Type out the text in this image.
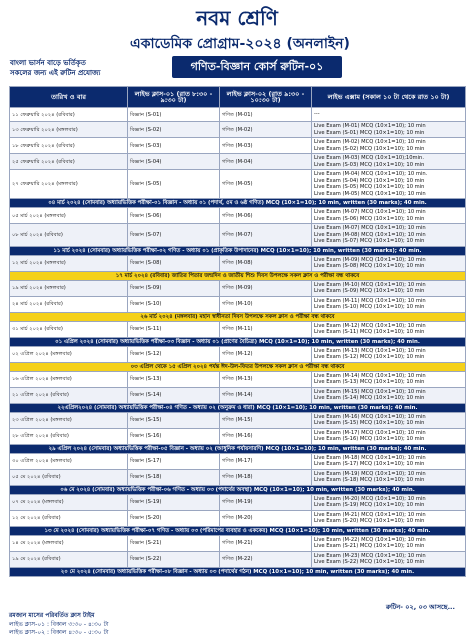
নবম শ্রেণি
একাডেমিক প্রোগ্রাম-২০২৪ (অনলাইন)
বাংলা ভার্সন বাড়ে ভর্তিকৃত
সকলের জন্য এই রুটিন প্রযোজ্য	গণিত-বিজ্ঞান কোর্স রুটিন-০১
তারিখ ও বার	লাইভ ক্লাস-০১ (রাত ৮:৩০ - ৯:৩০ টা)	লাইভ ক্লাস-০২ (রাত ৯:৩০ - ১০:৩০ টা)	লাইভ এক্সাম (সকাল ১০ টা থেকে রাত ১০ টা)
১১ ফেব্রুয়ারি ২০২৪ (রবিবার)	বিজ্ঞান (S-01)	গণিত (M-01)	---
১৩ ফেব্রুয়ারি ২০২৪ (মঙ্গলবার)	বিজ্ঞান (S-02)	গণিত (M-02)	Live Exam (M-01) MCQ (10×1=10); 10 min
Live Exam (S-01) MCQ (10×1=10); 10 min
১৮ ফেব্রুয়ারি ২০২৪ (রবিবার)	বিজ্ঞান (S-03)	গণিত (M-03)	Live Exam (M-02) MCQ (10×1=10); 10 min
Live Exam (S-02) MCQ (10×1=10); 10 min
২৫ ফেব্রুয়ারি ২০২৪ (রবিবার)	বিজ্ঞান (S-04)	গণিত (M-04)	Live Exam (M-03) MCQ (10×1=10);10min.
Live Exam (S-03) MCQ (10×1=10); 10 min
২৭ ফেব্রুয়ারি ২০২৪ (মঙ্গলবার)	বিজ্ঞান (S-05)	গণিত (M-05)	Live Exam (M-04) MCQ (10×1=10); 10 min.
Live Exam (S-04) MCQ (10×1=10); 10 min
Live Exam (S-05) MCQ (10×1=10); 10 min
Live Exam (M-05) MCQ (10×1=10); 10 min
০৪ মার্চ ২০২৪ (সোমবার) অধ্যায়ভিত্তিক পরীক্ষা-০১ বিজ্ঞান - অধ্যায় ০১ (পদার্থ, ৫ম ও ৬ষ্ঠ গণিত) MCQ (10×1=10); 10 min, written (30 marks); 40 min.			
০৫ মার্চ ২০২৪ (মঙ্গলবার)	বিজ্ঞান (S-06)	গণিত (M-06)	Live Exam (M-07) MCQ (10×1=10); 10 min
Live Exam (S-06) MCQ (10×1=10); 10 min
০৮ মার্চ ২০২৪ (রবিবার)	বিজ্ঞান (S-07)	গণিত (M-07)	Live Exam (M-07) MCQ (10×1=10); 10 min
Live Exam (M-08) MCQ (10×1=10); 10 min
Live Exam (S-07) MCQ (10×1=10); 10 min
১১ মার্চ ২০২৪ (সোমবার) অধ্যায়ভিত্তিক পরীক্ষা-০২ গণিত - অধ্যায় ০১ (প্রাকৃতিক উপাদানের) MCQ (10×1=10); 10 min, written (30 marks); 40 min.			
১২ মার্চ ২০২৪ (মঙ্গলবার)	বিজ্ঞান (S-08)	গণিত (M-08)	Live Exam (M-09) MCQ (10×1=10); 10 min
Live Exam (S-08) MCQ (10×1=10); 10 min
১৭ মার্চ ২০২৪ (রবিবার) জাতির পিতার জন্মদিন ও জাতীয় শিশু দিবস উপলক্ষে সকল ক্লাস ও পরীক্ষা বন্ধ থাকবে			
১৯ মার্চ ২০২৪ (মঙ্গলবার)	বিজ্ঞান (S-09)	গণিত (M-09)	Live Exam (M-10) MCQ (10×1=10); 10 min
Live Exam (S-09) MCQ (10×1=10); 10 min
২৪ মার্চ ২০২৪ (রবিবার)	বিজ্ঞান (S-10)	গণিত (M-10)	Live Exam (M-11) MCQ (10×1=10); 10 min
Live Exam (S-10) MCQ (10×1=10); 10 min
২৬ মার্চ ২০২৪ (মঙ্গলবার) মহান স্বাধীনতা দিবস উপলক্ষে সকল ক্লাস ও পরীক্ষা বন্ধ থাকবে			
৩১ মার্চ ২০২৪ (রবিবার)	বিজ্ঞান (S-11)	গণিত (M-11)	Live Exam (M-12) MCQ (10×1=10); 10 min
Live Exam (S-11) MCQ (10×1=10); 10 min
০১ এপ্রিল ২০২৪ (সোমবার) অধ্যায়ভিত্তিক পরীক্ষা-০৩ বিজ্ঞান - অধ্যায় ০১ (প্রাণের বৈচিত্র্য) MCQ (10×1=10); 10 min, written (30 marks); 40 min.			
০২ এপ্রিল ২০২৪ (মঙ্গলবার)	বিজ্ঞান (S-12)	গণিত (M-12)	Live Exam (M-13) MCQ (10×1=10); 10 min
Live Exam (S-12) MCQ (10×1=10); 10 min
০৩ এপ্রিল থেকে ১৫ এপ্রিল ২০২৪ পর্যন্ত ঈদ-উল-ফিতর উপলক্ষে সকল ক্লাস ও পরীক্ষা বন্ধ থাকবে			
১৬ এপ্রিল ২০২৪ (মঙ্গলবার)	বিজ্ঞান (S-13)	গণিত (M-13)	Live Exam (M-14) MCQ (10×1=10); 10 min
Live Exam (S-13) MCQ (10×1=10); 10 min
২১ এপ্রিল ২০২৪ (রবিবার)	বিজ্ঞান (S-14)	গণিত (M-14)	Live Exam (M-15) MCQ (10×1=10); 10 min
Live Exam (S-14) MCQ (10×1=10); 10 min
২২এপ্রিল২০২৪ (সোমবার) অধ্যায়ভিত্তিক পরীক্ষা-০৪ গণিত - অধ্যায় ০২ (অনুক্রম ও ধারা) MCQ (10×1=10); 10 min, written (30 marks); 40 min.			
২৩ এপ্রিল ২০২৪ (মঙ্গলবার)	বিজ্ঞান (S-15)	গণিত (M-15)	Live Exam (M-16) MCQ (10×1=10); 10 min
Live Exam (S-15) MCQ (10×1=10); 10 min
২৮ এপ্রিল ২০২৪ (রবিবার)	বিজ্ঞান (S-16)	গণিত (M-16)	Live Exam (M-17) MCQ (10×1=10); 10 min
Live Exam (S-16) MCQ (10×1=10); 10 min
২৯ এপ্রিল ২০২৪ (সোমবার) অধ্যায়ভিত্তিক পরীক্ষা-০৫ বিজ্ঞান - অধ্যায় ০২ (আধুনিক পর্যায়সারণি) MCQ (10×1=10); 10 min, written (30 marks); 40 min.			
৩০ এপ্রিল ২০২৪ (মঙ্গলবার)	বিজ্ঞান (S-17)	গণিত (M-17)	Live Exam (M-18) MCQ (10×1=10); 10 min
Live Exam (S-17) MCQ (10×1=10); 10 min
০৫ মে ২০২৪ (রবিবার)	বিজ্ঞান (S-18)	গণিত (M-18)	Live Exam (M-19) MCQ (10×1=10); 10 min
Live Exam (S-18) MCQ (10×1=10); 10 min
০৬ মে ২০২৪ (সোমবার) অধ্যায়ভিত্তিক পরীক্ষা-০৬ গণিত - অধ্যায় ০৩ (পদার্থের অবস্থা) MCQ (10×1=10); 10 min, written (30 marks); 40 min.			
০৭ মে ২০২৪ (মঙ্গলবার)	বিজ্ঞান (S-19)	গণিত (M-19)	Live Exam (M-20) MCQ (10×1=10); 10 min
Live Exam (S-19) MCQ (10×1=10); 10 min
১২ মে ২০২৪ (রবিবার)	বিজ্ঞান (S-20)	গণিত (M-20)	Live Exam (M-21) MCQ (10×1=10); 10 min
Live Exam (S-20) MCQ (10×1=10); 10 min
১৩ মে ২০২৪ (সোমবার) অধ্যায়ভিত্তিক পরীক্ষা-০৭ গণিত - অধ্যায় ০৩ (পরিমাপের ব্যবহার ও এককের) MCQ (10×1=10); 10 min, written (30 marks); 40 min.			
১৪ মে ২০২৪ (মঙ্গলবার)	বিজ্ঞান (S-21)	গণিত (M-21)	Live Exam (M-22) MCQ (10×1=10); 10 min
Live Exam (S-21) MCQ (10×1=10); 10 min
১৯ মে ২০২৪ (রবিবার)	বিজ্ঞান (S-22)	গণিত (M-22)	Live Exam (M-23) MCQ (10×1=10); 10 min
Live Exam (S-22) MCQ (10×1=10); 10 min
২০ মে ২০২৪ (সোমবার) অধ্যায়ভিত্তিক পরীক্ষা-০৮ বিজ্ঞান - অধ্যায় ০৩ (পদার্থের গঠন) MCQ (10×1=10); 10 min, written (30 marks); 40 min.			
রমজান মাসের পরিবর্তিত ক্লাস টাইম
লাইভ ক্লাস-০১ : বিকাল ৩:৩০ - ৪:৩০ টা
লাইভ ক্লাস-০২ : বিকাল ৪:৩০ - ৫:৩০ টা
রুটিন- ০২, ০৩ আসছে...
